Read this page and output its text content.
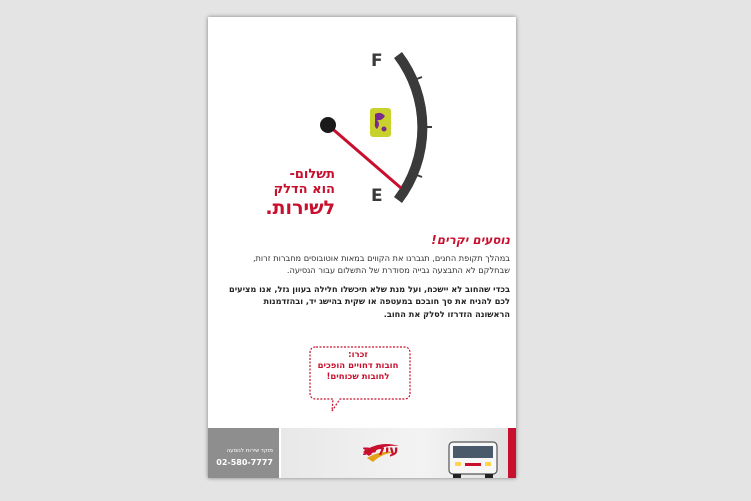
F
E
תשלום-
הוא הדלק
לשירות.
נוסעים יקרים!
במהלך תקופת החגים, תגברנו את הקווים במאות אוטובוסים מחברות זרות, שבחלקם לא התבצעה גבייה מסודרת של התשלום עבור הנסיעה.
בכדי שהחוב לא יישכח, ועל מנת שלא תיכשלו חלילה בעוון גזל, אנו מציעים לכם להניח את סך חובכם במעטפה או שקית בהישג יד, ובהזדמנות הראשונה הזדרזו לסלק את החוב.
זכרו:
חובות דחויים הופכים
לחובות שכוחים!
מוקד שירות לנוסעה
02-580-7777
עילית
